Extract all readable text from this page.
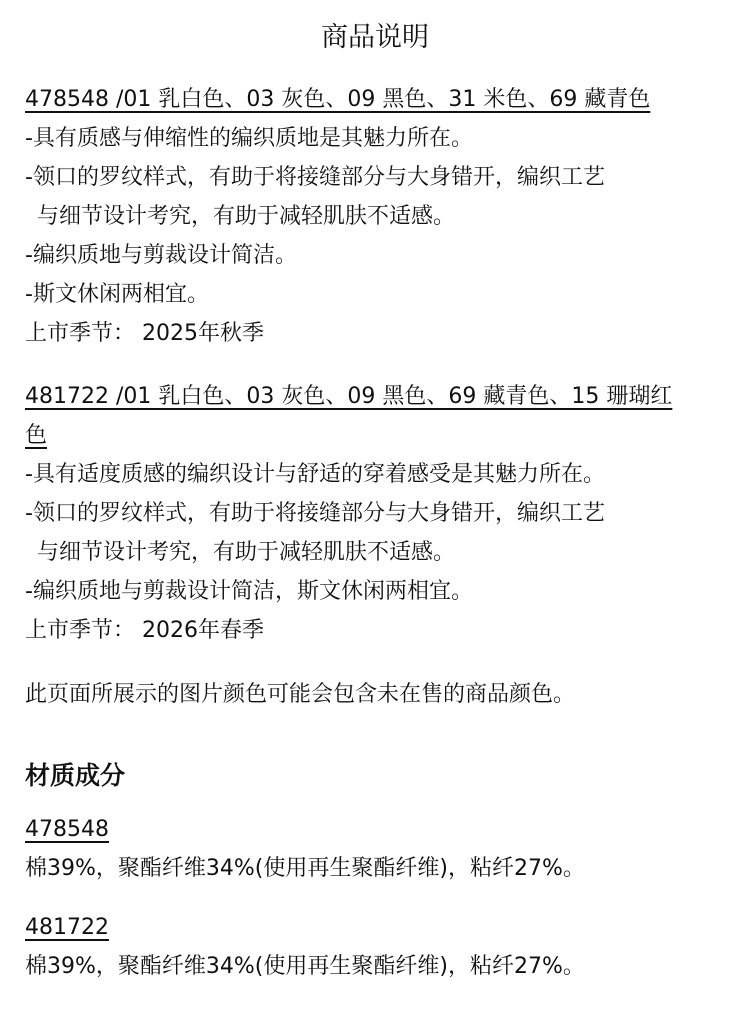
商品说明
478548 /01 乳白色、03 灰色、09 黑色、31 米色、69 藏青色
-具有质感与伸缩性的编织质地是其魅力所在。
-领口的罗纹样式，有助于将接缝部分与大身错开，编织工艺
与细节设计考究，有助于减轻肌肤不适感。
-编织质地与剪裁设计简洁。
-斯文休闲两相宜。
上市季节： 2025年秋季
481722 /01 乳白色、03 灰色、09 黑色、69 藏青色、15 珊瑚红
色
-具有适度质感的编织设计与舒适的穿着感受是其魅力所在。
-领口的罗纹样式，有助于将接缝部分与大身错开，编织工艺
与细节设计考究，有助于减轻肌肤不适感。
-编织质地与剪裁设计简洁，斯文休闲两相宜。
上市季节： 2026年春季
此页面所展示的图片颜色可能会包含未在售的商品颜色。
材质成分
478548
棉39%，聚酯纤维34%(使用再生聚酯纤维)，粘纤27%。
481722
棉39%，聚酯纤维34%(使用再生聚酯纤维)，粘纤27%。
